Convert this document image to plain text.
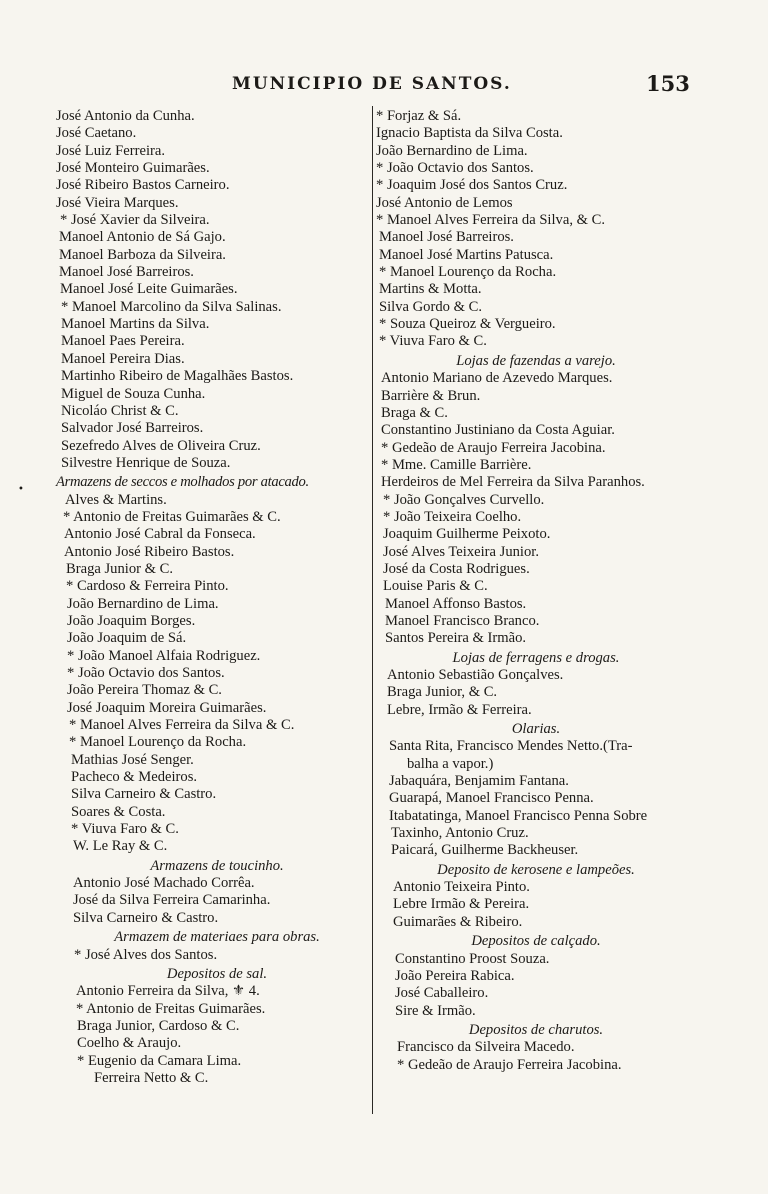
MUNICIPIO DE SANTOS.	153
•
José Antonio da Cunha.
José Caetano.
José Luiz Ferreira.
José Monteiro Guimarães.
José Ribeiro Bastos Carneiro.
José Vieira Marques.
* José Xavier da Silveira.
Manoel Antonio de Sá Gajo.
Manoel Barboza da Silveira.
Manoel José Barreiros.
Manoel José Leite Guimarães.
* Manoel Marcolino da Silva Salinas.
Manoel Martins da Silva.
Manoel Paes Pereira.
Manoel Pereira Dias.
Martinho Ribeiro de Magalhães Bastos.
Miguel de Souza Cunha.
Nicoláo Christ & C.
Salvador José Barreiros.
Sezefredo Alves de Oliveira Cruz.
Silvestre Henrique de Souza.
Armazens de seccos e molhados por atacado.
Alves & Martins.
* Antonio de Freitas Guimarães & C.
Antonio José Cabral da Fonseca.
Antonio José Ribeiro Bastos.
Braga Junior & C.
* Cardoso & Ferreira Pinto.
João Bernardino de Lima.
João Joaquim Borges.
João Joaquim de Sá.
* João Manoel Alfaia Rodriguez.
* João Octavio dos Santos.
João Pereira Thomaz & C.
José Joaquim Moreira Guimarães.
* Manoel Alves Ferreira da Silva & C.
* Manoel Lourenço da Rocha.
Mathias José Senger.
Pacheco & Medeiros.
Silva Carneiro & Castro.
Soares & Costa.
* Viuva Faro & C.
W. Le Ray & C.
Armazens de toucinho.
Antonio José Machado Corrêa.
José da Silva Ferreira Camarinha.
Silva Carneiro & Castro.
Armazem de materiaes para obras.
* José Alves dos Santos.
Depositos de sal.
Antonio Ferreira da Silva, ⚜ 4.
* Antonio de Freitas Guimarães.
Braga Junior, Cardoso & C.
Coelho & Araujo.
* Eugenio da Camara Lima.
Ferreira Netto & C.
* Forjaz & Sá.
Ignacio Baptista da Silva Costa.
João Bernardino de Lima.
* João Octavio dos Santos.
* Joaquim José dos Santos Cruz.
José Antonio de Lemos
* Manoel Alves Ferreira da Silva, & C.
Manoel José Barreiros.
Manoel José Martins Patusca.
* Manoel Lourenço da Rocha.
Martins & Motta.
Silva Gordo & C.
* Souza Queiroz & Vergueiro.
* Viuva Faro & C.
Lojas de fazendas a varejo.
Antonio Mariano de Azevedo Marques.
Barrière & Brun.
Braga & C.
Constantino Justiniano da Costa Aguiar.
* Gedeão de Araujo Ferreira Jacobina.
* Mme. Camille Barrière.
Herdeiros de Mel Ferreira da Silva Paranhos.
* João Gonçalves Curvello.
* João Teixeira Coelho.
Joaquim Guilherme Peixoto.
José Alves Teixeira Junior.
José da Costa Rodrigues.
Louise Paris & C.
Manoel Affonso Bastos.
Manoel Francisco Branco.
Santos Pereira & Irmão.
Lojas de ferragens e drogas.
Antonio Sebastião Gonçalves.
Braga Junior, & C.
Lebre, Irmão & Ferreira.
Olarias.
Santa Rita, Francisco Mendes Netto.(Tra-
balha a vapor.)
Jabaquára, Benjamim Fantana.
Guarapá, Manoel Francisco Penna.
Itabatatinga, Manoel Francisco Penna Sobre
Taxinho, Antonio Cruz.
Paicará, Guilherme Backheuser.
Deposito de kerosene e lampeões.
Antonio Teixeira Pinto.
Lebre Irmão & Pereira.
Guimarães & Ribeiro.
Depositos de calçado.
Constantino Proost Souza.
João Pereira Rabica.
José Caballeiro.
Sire & Irmão.
Depositos de charutos.
Francisco da Silveira Macedo.
* Gedeão de Araujo Ferreira Jacobina.
